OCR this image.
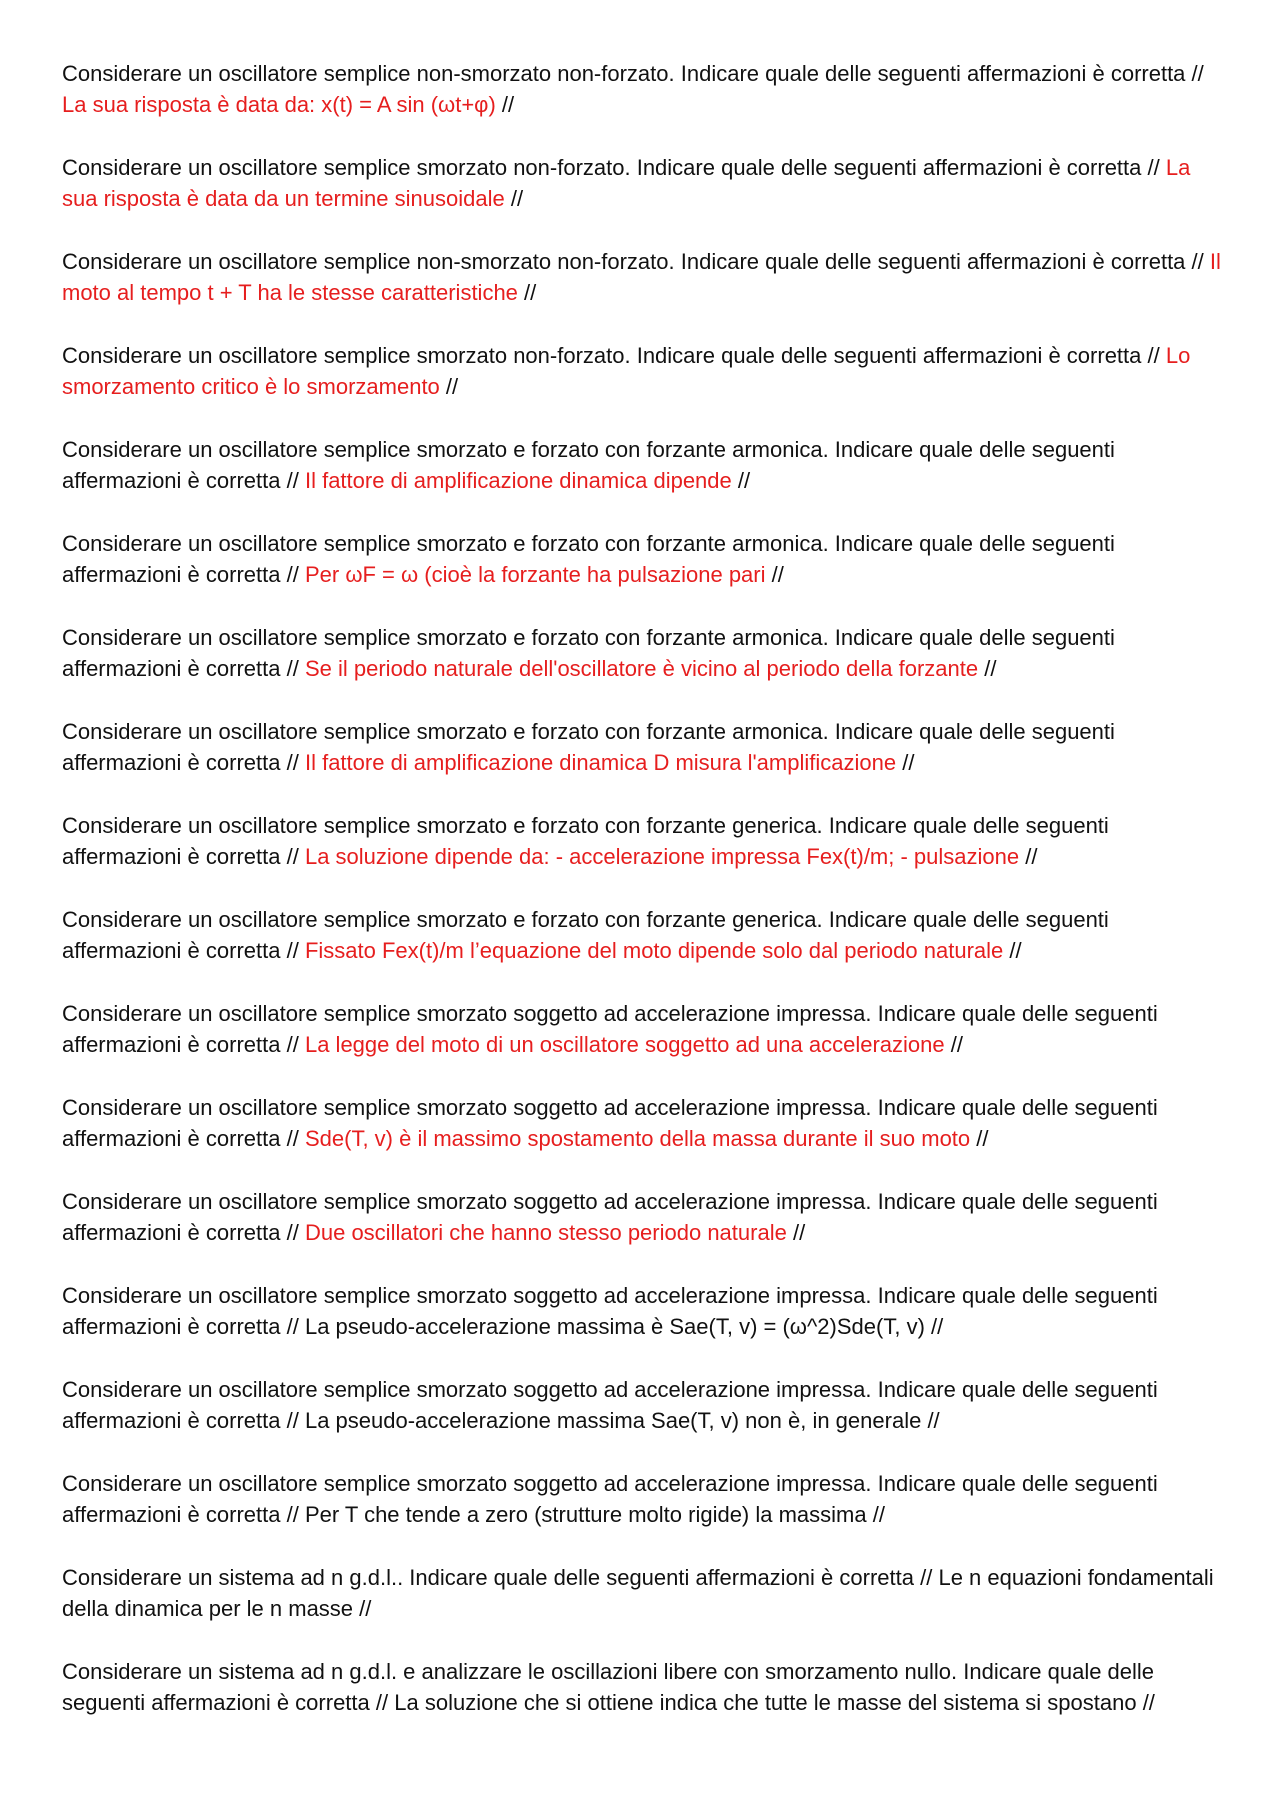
Considerare un oscillatore semplice non-smorzato non-forzato. Indicare quale delle seguenti affermazioni è corretta // La sua risposta è data da: x(t) = A sin (ωt+φ) //

Considerare un oscillatore semplice smorzato non-forzato. Indicare quale delle seguenti affermazioni è corretta // La sua risposta è data da un termine sinusoidale //

Considerare un oscillatore semplice non-smorzato non-forzato. Indicare quale delle seguenti affermazioni è corretta // Il moto al tempo t + T ha le stesse caratteristiche //

Considerare un oscillatore semplice smorzato non-forzato. Indicare quale delle seguenti affermazioni è corretta // Lo smorzamento critico è lo smorzamento //

Considerare un oscillatore semplice smorzato e forzato con forzante armonica. Indicare quale delle seguenti affermazioni è corretta // Il fattore di amplificazione dinamica dipende //

Considerare un oscillatore semplice smorzato e forzato con forzante armonica. Indicare quale delle seguenti affermazioni è corretta // Per ωF = ω (cioè la forzante ha pulsazione pari //

Considerare un oscillatore semplice smorzato e forzato con forzante armonica. Indicare quale delle seguenti affermazioni è corretta // Se il periodo naturale dell'oscillatore è vicino al periodo della forzante //

Considerare un oscillatore semplice smorzato e forzato con forzante armonica. Indicare quale delle seguenti affermazioni è corretta // Il fattore di amplificazione dinamica D misura l'amplificazione //

Considerare un oscillatore semplice smorzato e forzato con forzante generica. Indicare quale delle seguenti affermazioni è corretta // La soluzione dipende da: - accelerazione impressa Fex(t)/m; - pulsazione //

Considerare un oscillatore semplice smorzato e forzato con forzante generica. Indicare quale delle seguenti affermazioni è corretta // Fissato Fex(t)/m l’equazione del moto dipende solo dal periodo naturale //

Considerare un oscillatore semplice smorzato soggetto ad accelerazione impressa. Indicare quale delle seguenti affermazioni è corretta // La legge del moto di un oscillatore soggetto ad una accelerazione //

Considerare un oscillatore semplice smorzato soggetto ad accelerazione impressa. Indicare quale delle seguenti affermazioni è corretta // Sde(T, v) è il massimo spostamento della massa durante il suo moto //

Considerare un oscillatore semplice smorzato soggetto ad accelerazione impressa. Indicare quale delle seguenti affermazioni è corretta // Due oscillatori che hanno stesso periodo naturale //

Considerare un oscillatore semplice smorzato soggetto ad accelerazione impressa. Indicare quale delle seguenti affermazioni è corretta // La pseudo-accelerazione massima è Sae(T, v) = (ω^2)Sde(T, v) //

Considerare un oscillatore semplice smorzato soggetto ad accelerazione impressa. Indicare quale delle seguenti affermazioni è corretta // La pseudo-accelerazione massima Sae(T, v) non è, in generale //

Considerare un oscillatore semplice smorzato soggetto ad accelerazione impressa. Indicare quale delle seguenti affermazioni è corretta // Per T che tende a zero (strutture molto rigide) la massima //

Considerare un sistema ad n g.d.l.. Indicare quale delle seguenti affermazioni è corretta // Le n equazioni fondamentali della dinamica per le n masse //

Considerare un sistema ad n g.d.l. e analizzare le oscillazioni libere con smorzamento nullo. Indicare quale delle seguenti affermazioni è corretta // La soluzione che si ottiene indica che tutte le masse del sistema si spostano //
